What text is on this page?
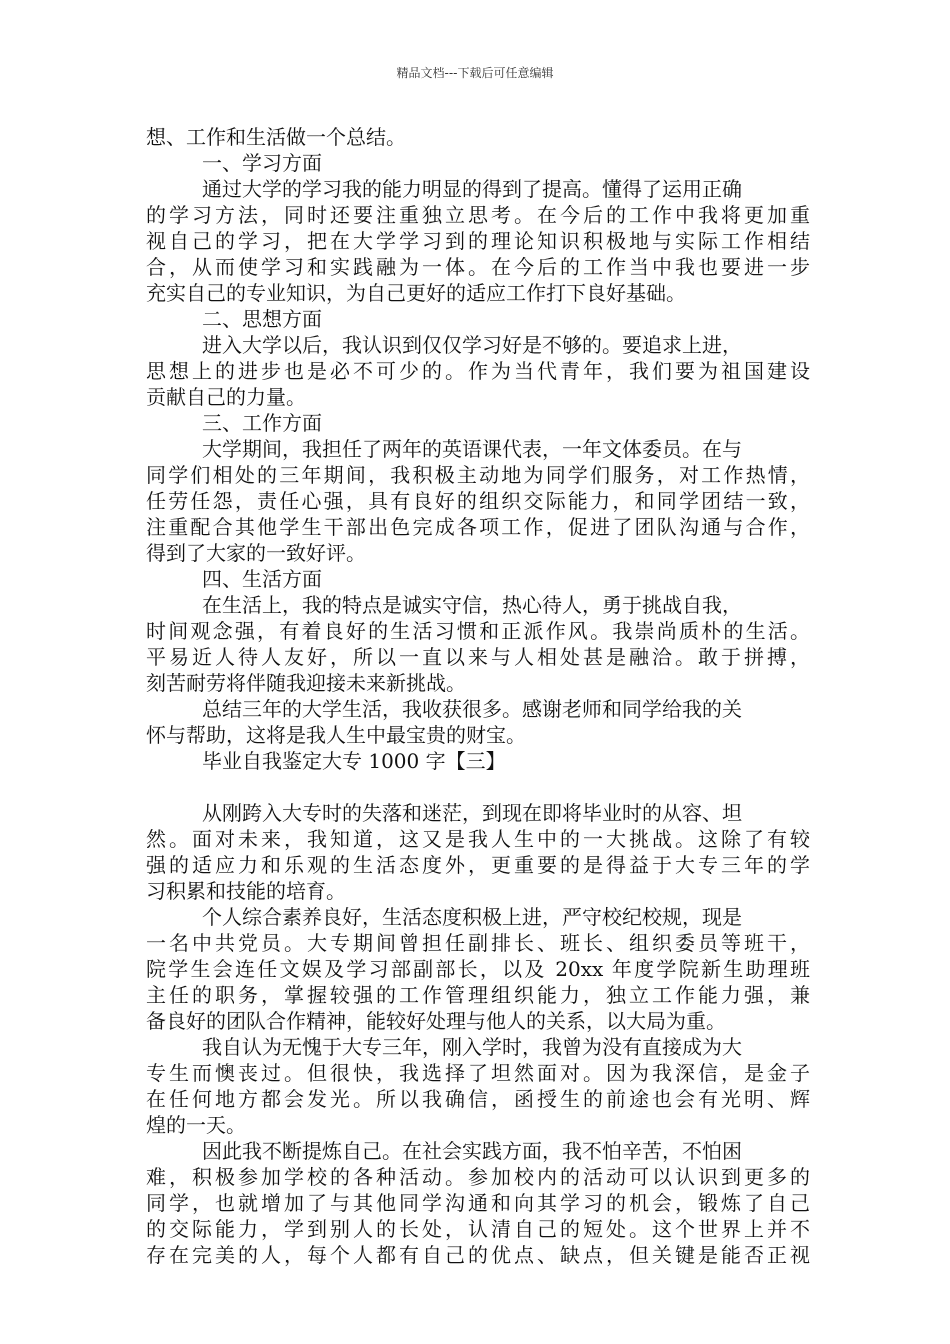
精品文档---下载后可任意编辑
想、工作和生活做一个总结。
一、学习方面
通过大学的学习我的能力明显的得到了提高。懂得了运用正确
的学习方法，同时还要注重独立思考。在今后的工作中我将更加重
视自己的学习，把在大学学习到的理论知识积极地与实际工作相结
合，从而使学习和实践融为一体。在今后的工作当中我也要进一步
充实自己的专业知识，为自己更好的适应工作打下良好基础。
二、思想方面
进入大学以后，我认识到仅仅学习好是不够的。要追求上进，
思想上的进步也是必不可少的。作为当代青年，我们要为祖国建设
贡献自己的力量。
三、工作方面
大学期间，我担任了两年的英语课代表，一年文体委员。在与
同学们相处的三年期间，我积极主动地为同学们服务，对工作热情，
任劳任怨，责任心强，具有良好的组织交际能力，和同学团结一致，
注重配合其他学生干部出色完成各项工作，促进了团队沟通与合作，
得到了大家的一致好评。
四、生活方面
在生活上，我的特点是诚实守信，热心待人，勇于挑战自我，
时间观念强，有着良好的生活习惯和正派作风。我崇尚质朴的生活。
平易近人待人友好，所以一直以来与人相处甚是融洽。敢于拼搏，
刻苦耐劳将伴随我迎接未来新挑战。
总结三年的大学生活，我收获很多。感谢老师和同学给我的关
怀与帮助，这将是我人生中最宝贵的财宝。
毕业自我鉴定大专 1000 字【三】
从刚跨入大专时的失落和迷茫，到现在即将毕业时的从容、坦
然。面对未来，我知道，这又是我人生中的一大挑战。这除了有较
强的适应力和乐观的生活态度外，更重要的是得益于大专三年的学
习积累和技能的培育。
个人综合素养良好，生活态度积极上进，严守校纪校规，现是
一名中共党员。大专期间曾担任副排长、班长、组织委员等班干，
院学生会连任文娱及学习部副部长，以及 20xx 年度学院新生助理班
主任的职务，掌握较强的工作管理组织能力，独立工作能力强，兼
备良好的团队合作精神，能较好处理与他人的关系，以大局为重。
我自认为无愧于大专三年，刚入学时，我曾为没有直接成为大
专生而懊丧过。但很快，我选择了坦然面对。因为我深信，是金子
在任何地方都会发光。所以我确信，函授生的前途也会有光明、辉
煌的一天。
因此我不断提炼自己。在社会实践方面，我不怕辛苦，不怕困
难，积极参加学校的各种活动。参加校内的活动可以认识到更多的
同学，也就增加了与其他同学沟通和向其学习的机会，锻炼了自己
的交际能力，学到别人的长处，认清自己的短处。这个世界上并不
存在完美的人，每个人都有自己的优点、缺点，但关键是能否正视
